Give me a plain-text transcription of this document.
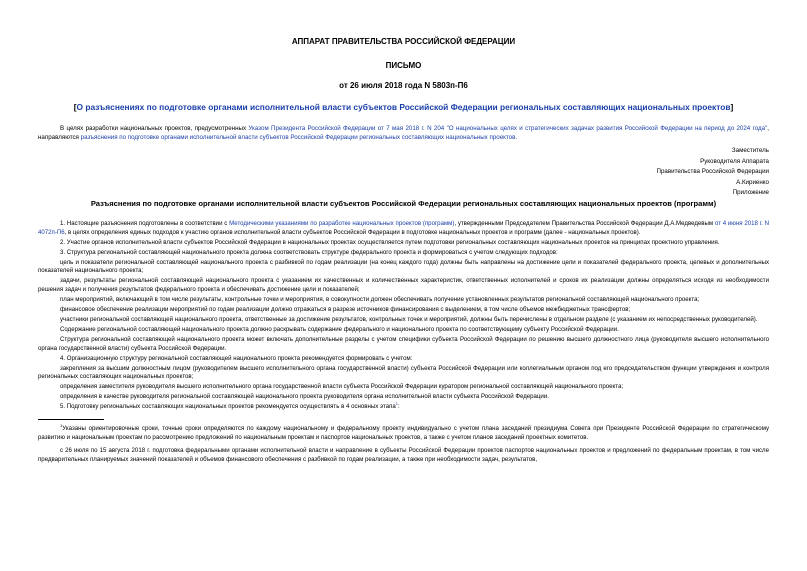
АППАРАТ ПРАВИТЕЛЬСТВА РОССИЙСКОЙ ФЕДЕРАЦИИ
ПИСЬМО
от 26 июля 2018 года N 5803п-П6
[О разъяснениях по подготовке органами исполнительной власти субъектов Российской Федерации региональных составляющих национальных проектов]
В целях разработки национальных проектов, предусмотренных Указом Президента Российской Федерации от 7 мая 2018 г. N 204 "О национальных целях и стратегических задачах развития Российской Федерации на период до 2024 года", направляются разъяснения по подготовке органами исполнительной власти субъектов Российской Федерации региональных составляющих национальных проектов.
Заместитель
Руководителя Аппарата
Правительства Российской Федерации
А.Кириенко
Приложение
Разъяснения по подготовке органами исполнительной власти субъектов Российской Федерации региональных составляющих национальных проектов (программ)

1. Настоящие разъяснения подготовлены в соответствии с Методическими указаниями по разработке национальных проектов (программ), утвержденными Председателем Правительства Российской Федерации Д.А.Медведевым от 4 июня 2018 г. N 4072п-П6, в целях определения единых подходов к участию органов исполнительной власти субъектов Российской Федерации в подготовке национальных проектов и программ (далее - национальных проектов).

2. Участие органов исполнительной власти субъектов Российской Федерации в национальных проектах осуществляется путем подготовки региональных составляющих национальных проектов на принципах проектного управления.

3. Структура региональной составляющей национального проекта должна соответствовать структуре федерального проекта и формироваться с учетом следующих подходов:

цель и показатели региональной составляющей национального проекта с разбивкой по годам реализации (на конец каждого года) должны быть направлены на достижение цели и показателей федерального проекта, целевых и дополнительных показателей национального проекта;

задачи, результаты региональной составляющей национального проекта с указанием их качественных и количественных характеристик, ответственных исполнителей и сроков их реализации должны определяться исходя из необходимости решения задач и получения результатов федерального проекта и обеспечивать достижение цели и показателей;

план мероприятий, включающий в том числе результаты, контрольные точки и мероприятия, в совокупности должен обеспечивать получение установленных результатов региональной составляющей национального проекта;

финансовое обеспечение реализации мероприятий по годам реализации должно отражаться в разрезе источников финансирования с выделением, в том числе объемов межбюджетных трансфертов;

участники региональной составляющей национального проекта, ответственные за достижение результатов, контрольных точек и мероприятий, должны быть перечислены в отдельном разделе (с указанием их непосредственных руководителей).

Содержание региональной составляющей национального проекта должно раскрывать содержание федерального и национального проекта по соответствующему субъекту Российской Федерации.

Структура региональной составляющей национального проекта может включать дополнительные разделы с учетом специфики субъекта Российской Федерации по решению высшего должностного лица (руководителя высшего исполнительного органа государственной власти) субъекта Российской Федерации.

4. Организационную структуру региональной составляющей национального проекта рекомендуется формировать с учетом:

закрепления за высшим должностным лицом (руководителем высшего исполнительного органа государственной власти) субъекта Российской Федерации или коллегиальным органом под его председательством функции утверждения и контроля региональных составляющих национальных проектов;

определения заместителя руководителя высшего исполнительного органа государственной власти субъекта Российской Федерации куратором региональной составляющей национального проекта;

определения в качестве руководителя региональной составляющей национального проекта руководителя органа исполнительной власти субъекта Российской Федерации.

5. Подготовку региональных составляющих национальных проектов рекомендуется осуществлять в 4 основных этапа$^1$:

$^1$Указаны ориентировочные сроки, точные сроки определяются по каждому национальному и федеральному проекту индивидуально с учетом плана заседаний президиума Совета при Президенте Российской Федерации по стратегическому развитию и национальным проектам по рассмотрению предложений по национальным проектам и паспортов национальных проектов, а также с учетом планов заседаний проектных комитетов.

с 26 июля по 15 августа 2018 г. подготовка федеральными органами исполнительной власти и направление в субъекты Российской Федерации проектов паспортов национальных проектов и предложений по федеральным проектам, в том числе предварительных планируемых значений показателей и объемов финансового обеспечения с разбивкой по годам реализации, а также при необходимости задач, результатов,
